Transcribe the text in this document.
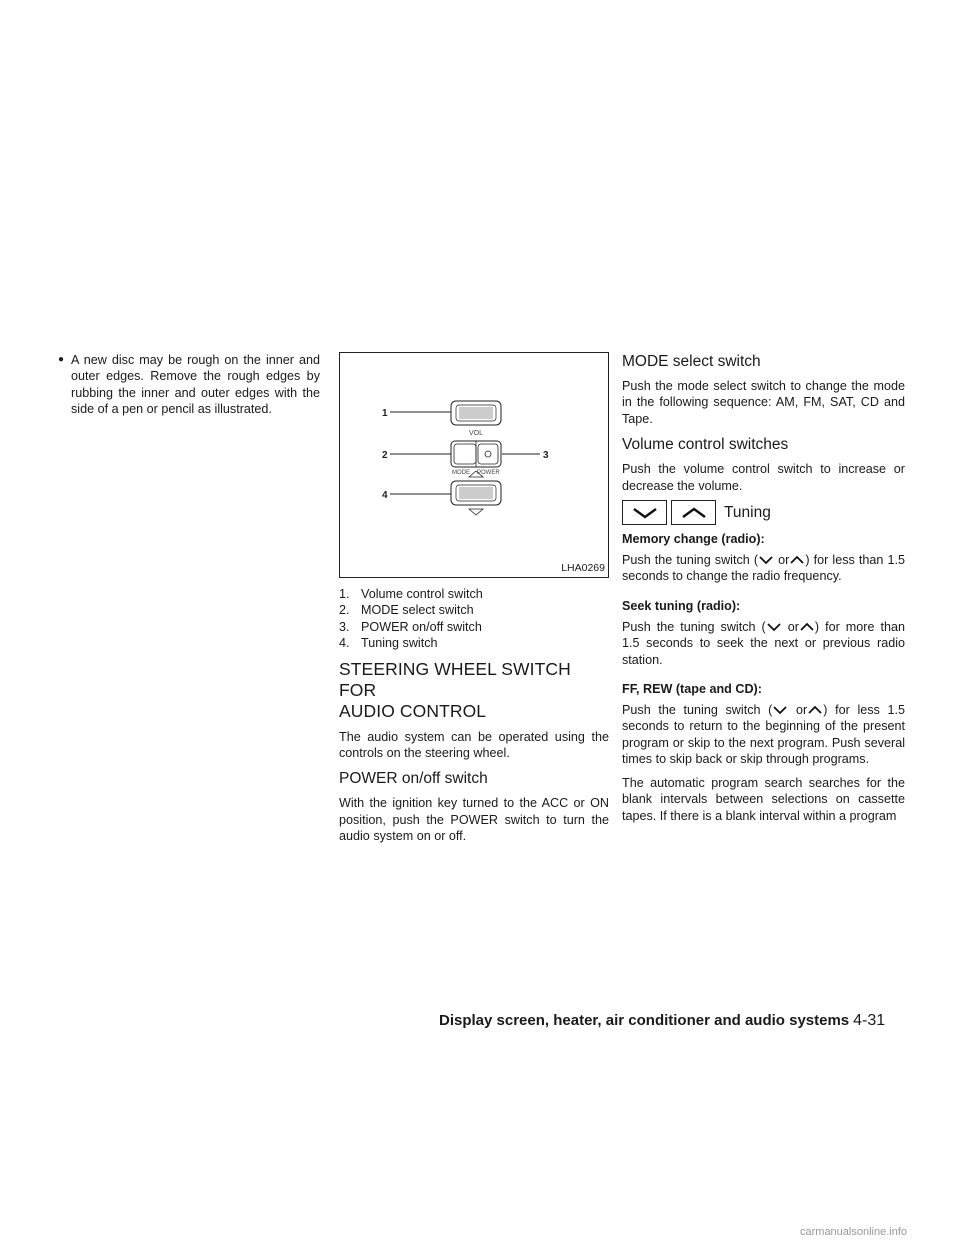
● A new disc may be rough on the inner and outer edges. Remove the rough edges by rubbing the inner and outer edges with the side of a pen or pencil as illustrated.	1
2	3
4
VOL
MODE POWER
LHA0269
1. Volume control switch
2. MODE select switch
3. POWER on/off switch
4. Tuning switch
STEERING WHEEL SWITCH FOR
AUDIO CONTROL

The audio system can be operated using the controls on the steering wheel.

POWER on/off switch

With the ignition key turned to the ACC or ON position, push the POWER switch to turn the audio system on or off.

MODE select switch

Push the mode select switch to change the mode in the following sequence: AM, FM, SAT, CD and Tape.

Volume control switches

Push the volume control switch to increase or decrease the volume.

Tuning
Memory change (radio):

Push the tuning switch ( or ) for less than 1.5 seconds to change the radio frequency.

Seek tuning (radio):

Push the tuning switch ( or ) for more than 1.5 seconds to seek the next or previous radio station.

FF, REW (tape and CD):

Push the tuning switch ( or ) for less 1.5 seconds to return to the beginning of the present program or skip to the next program. Push several times to skip back or skip through programs.

The automatic program search searches for the blank intervals between selections on cassette tapes. If there is a blank interval within a program

Display screen, heater, air conditioner and audio systems 4-31
carmanualsonline.info
